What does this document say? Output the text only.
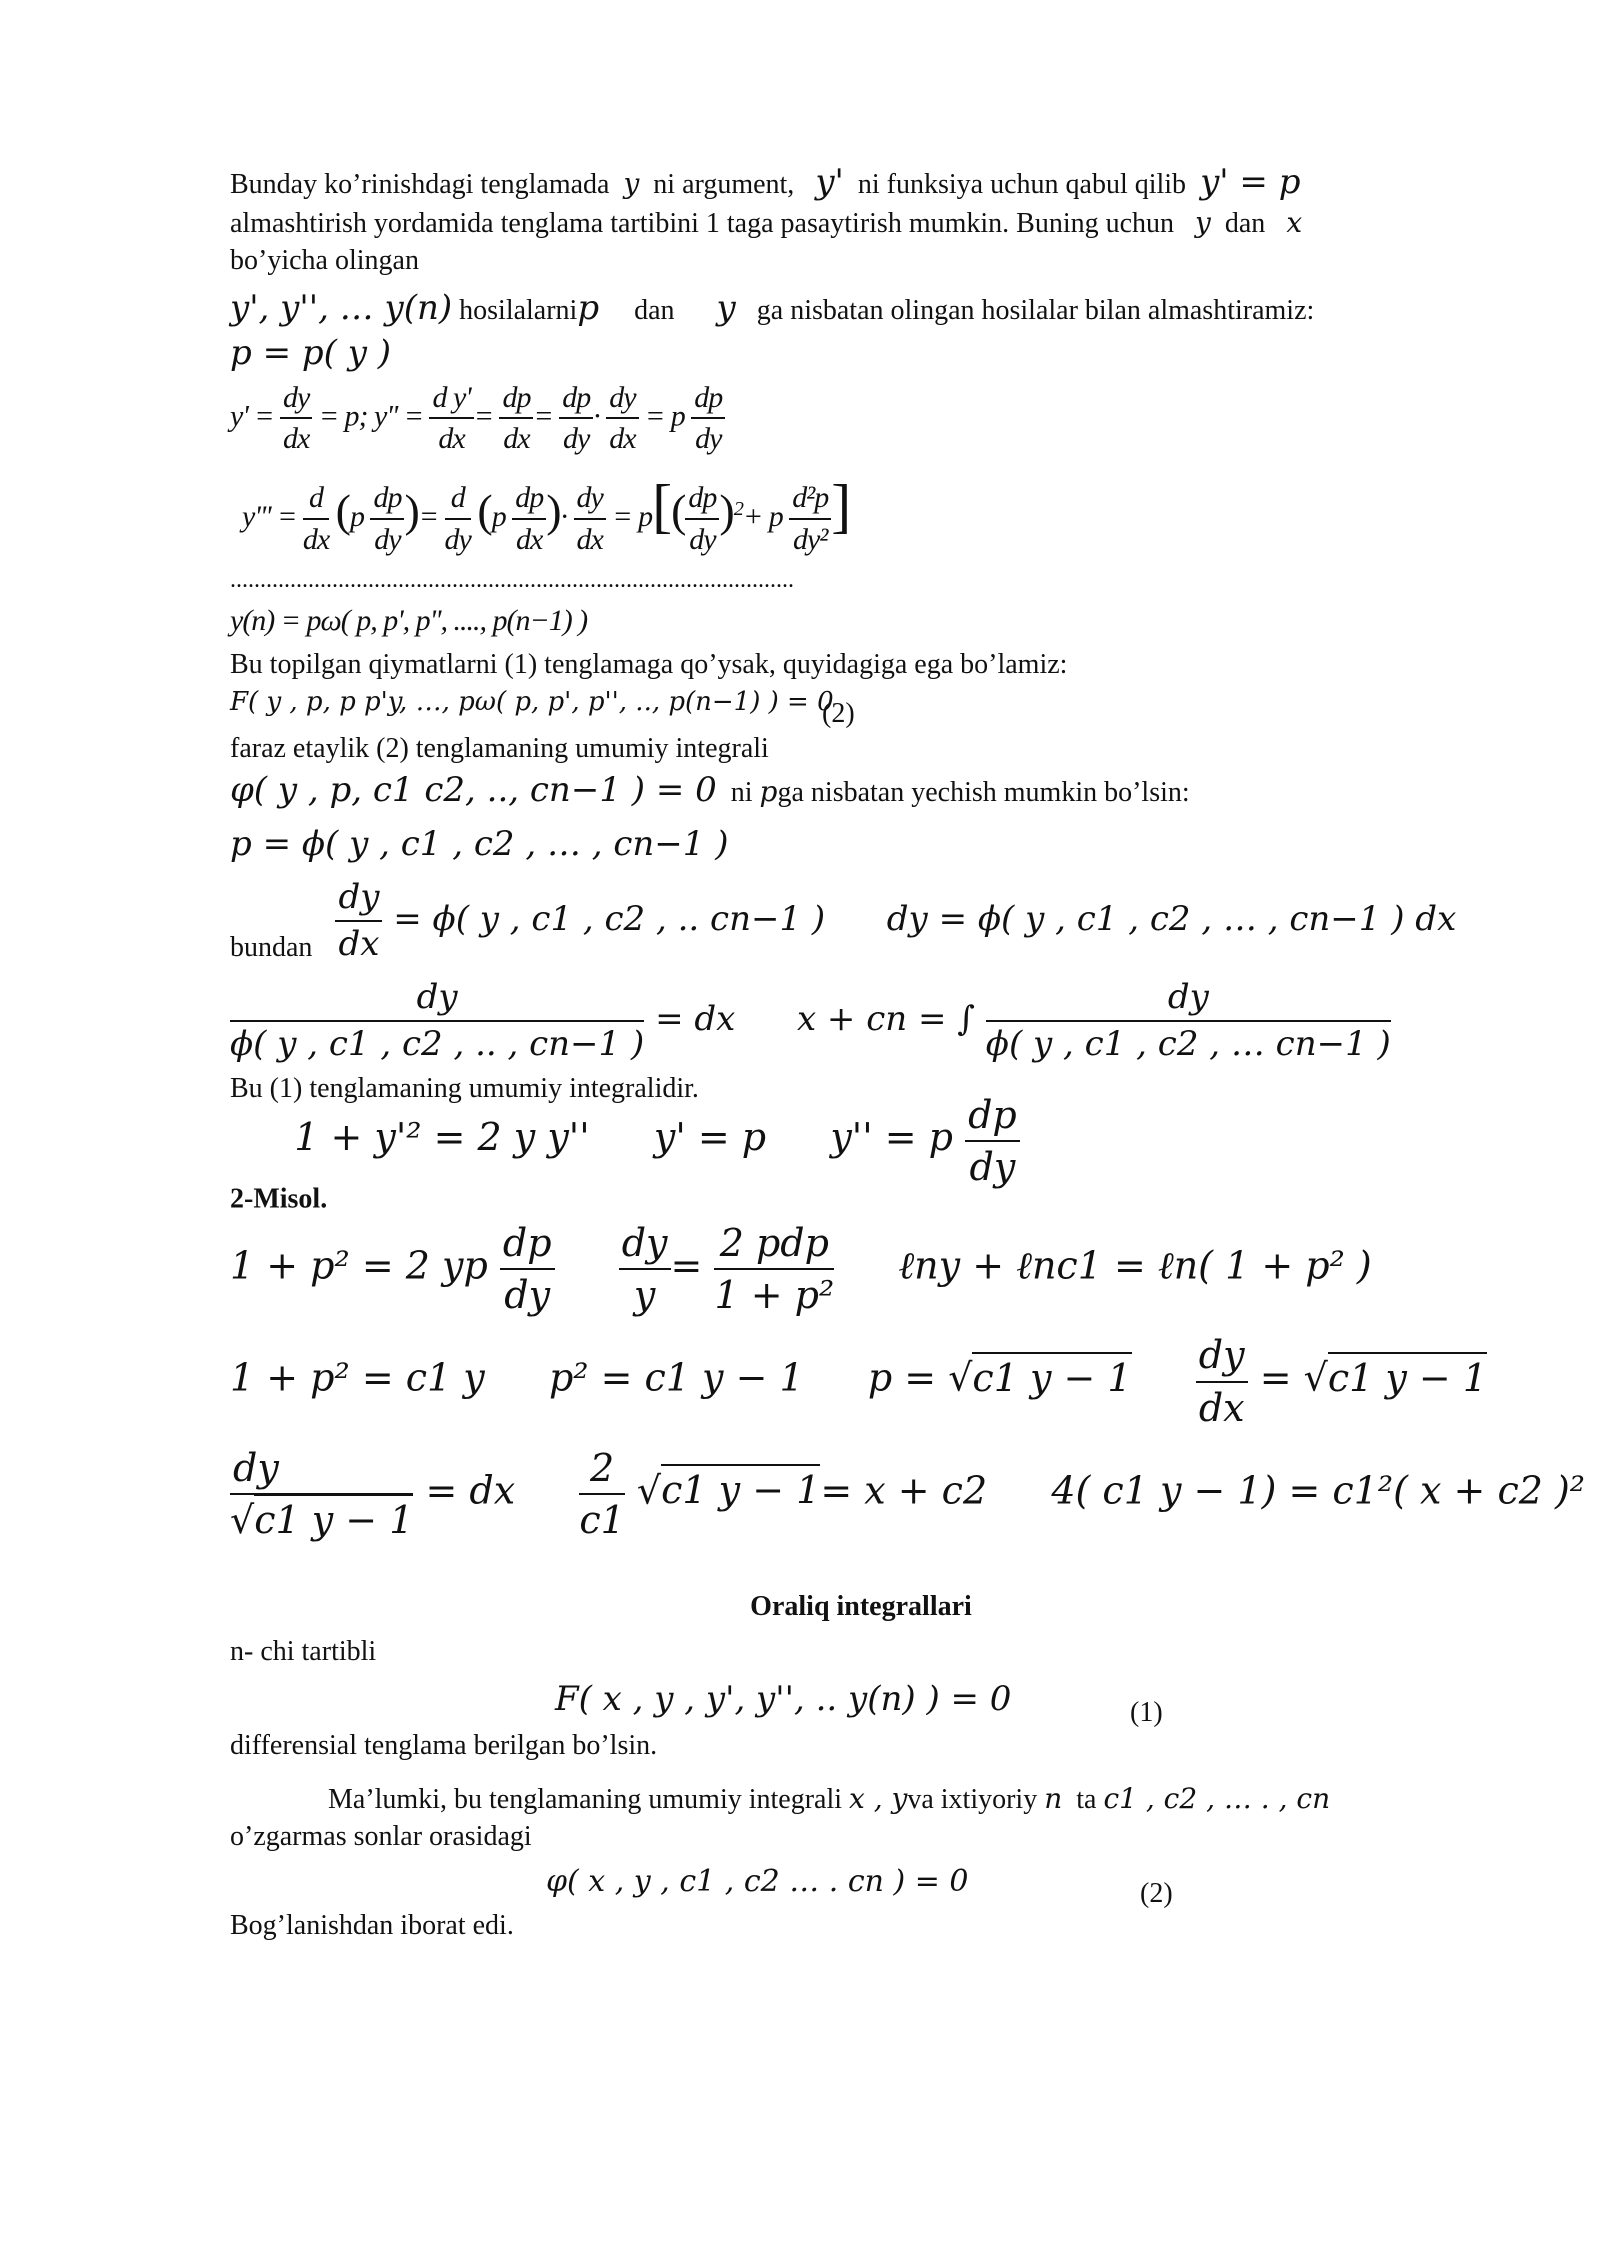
Bunday ko’rinishdagi tenglamada y ni argument, y' ni funksiya uchun qabul qilib y' = p

almashtirish yordamida tenglama tartibini 1 taga pasaytirish mumkin. Buning uchun y dan x

bo’yicha olingan

y', y'', … y(n) hosilalarnip dan y ga nisbatan olingan hosilalar bilan almashtiramiz:

p = p( y )

$y' = \frac{dy}{dx} = p$; $y'' = \frac{\text{d y'}}{dx} = \frac{dp}{dx} = \frac{dp}{dy} \cdot \frac{dy}{dx} = p \frac{dp}{dy}$
$y''' = \frac{d}{dx} (p \frac{dp}{dy}$ )= $\frac{d}{dy} (p \frac{dp}{dx}$ )· $\frac{dy}{dx} = p[( \frac{dp}{dy} )^2+ p \frac{\text{d²p}}{\text{dy²}}$ ]
..............................................................................................

y(n) = pω( p, p', p'', ...., p(n−1) )

Bu topilgan qiymatlarni (1) tenglamaga qo’ysak, quyidagiga ega bo’lamiz:

F( y , p, p p'y, …, pω( p, p', p'', .., p(n−1) ) = 0
(2)

faraz etaylik (2) tenglamaning umumiy integrali

φ( y , p, c1 c2, .., cn−1 ) = 0 ni pga nisbatan yechish mumkin bo’lsin:

p = ϕ( y , c1 , c2 , … , cn−1 )

bundan $\frac{dy}{dx} = \phi$( y , c1 , c2 , .. cn−1 ) dy = ϕ( y , c1 , c2 , … , cn−1 ) dx
$\frac{dy}{\phi( y , c1 , c2 , .. , cn-1 )}$ = dx x + cn = ∫ $\frac{dy}{\phi( y , c1 , c2 , \dots cn-1 )}$

Bu (1) tenglamaning umumiy integralidir.

2-Misol. 1 + y'² = 2 y y'' y' = p y'' = p $\frac{dp}{dy}$
1 + p² = 2 yp $\frac{dp}{dy}$
$\frac{dy}{y} = \frac{\text{2 pdp}}{\text{1 + p²}}$ ℓny + ℓnc1 = ℓn( 1 + p² )
1 + p² = c1 y p² = c1 y − 1 p = √c1 $y - 1 \frac{dy}{dx} = √c1$ y − 1
$\frac{dy}{√c1 y - 1}$ = dx $\frac{2}{c1} √c1$ y − 1= x + c2 4( c1 y − 1) = c1²( x + c2 )²

Oraliq integrallari

n- chi tartibli

F( x , y , y', y'', .. y(n) ) = 0	(1)

differensial tenglama berilgan bo’lsin.

Ma’lumki, bu tenglamaning umumiy integrali x , yva ixtiyoriy n ta c1 , c2 , … . , cn

o’zgarmas sonlar orasidagi

φ( x , y , c1 , c2 … . cn ) = 0	(2)

Bog’lanishdan iborat edi.
